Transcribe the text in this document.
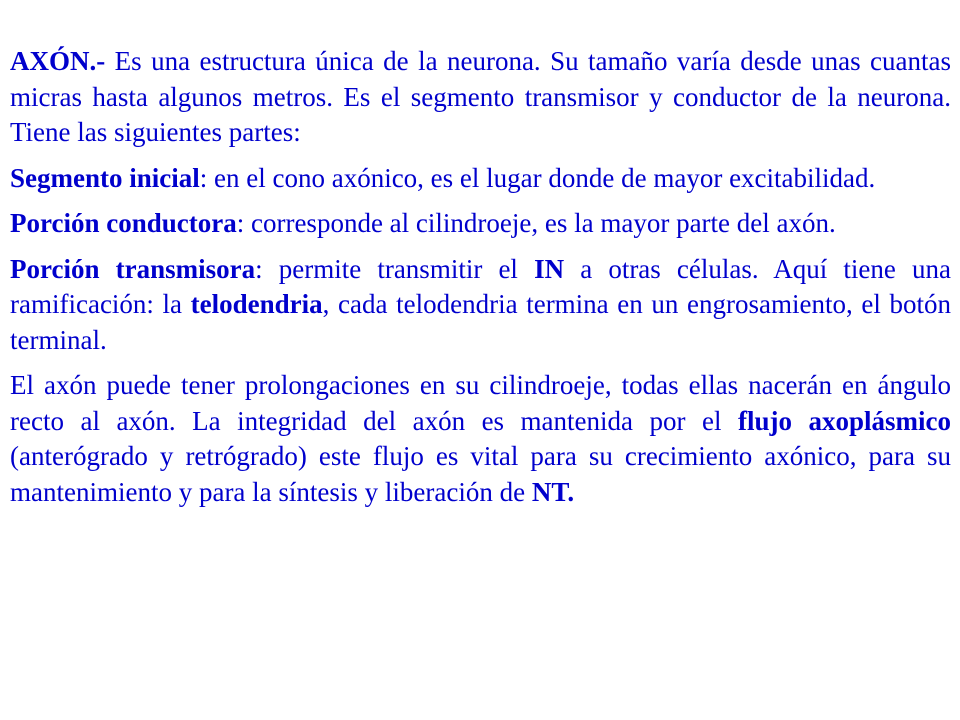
AXÓN.- Es una estructura única de la neurona. Su tamaño varía desde unas cuantas micras hasta algunos metros. Es el segmento transmisor y conductor de la neurona. Tiene las siguientes partes:

Segmento inicial: en el cono axónico, es el lugar donde de mayor excitabilidad.

Porción conductora: corresponde al cilindroeje, es la mayor parte del axón.

Porción transmisora: permite transmitir el IN a otras células. Aquí tiene una ramificación: la telodendria, cada telodendria termina en un engrosamiento, el botón terminal.

El axón puede tener prolongaciones en su cilindroeje, todas ellas nacerán en ángulo recto al axón. La integridad del axón es mantenida por el flujo axoplásmico (anterógrado y retrógrado) este flujo es vital para su crecimiento axónico, para su mantenimiento y para la síntesis y liberación de NT.
